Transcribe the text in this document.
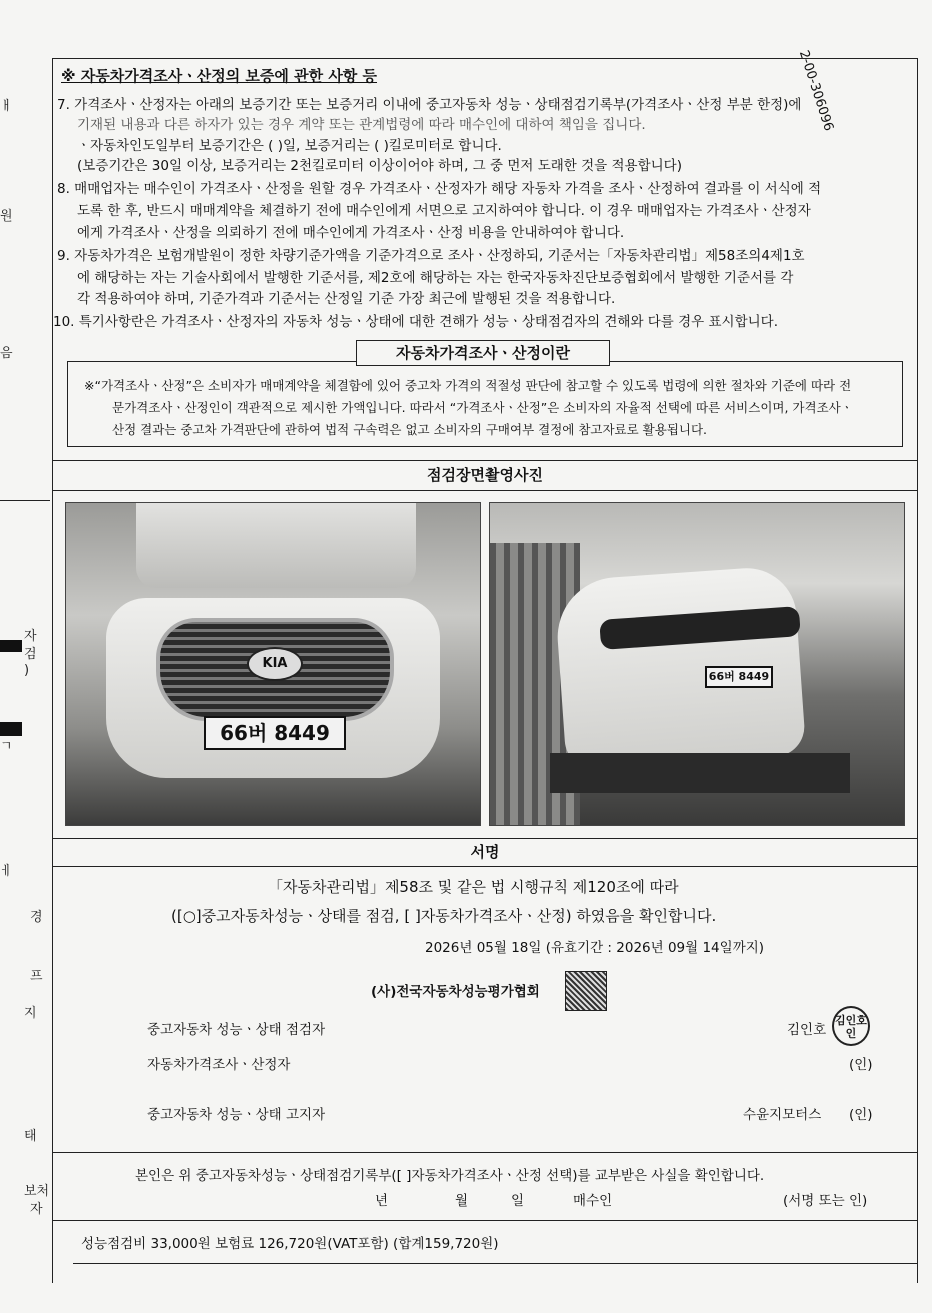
ㅐ
원
음
자
검
)
ㄱ
ㅔ
경
프
지
태
보처
자
2-00-306096
※ 자동차가격조사ㆍ산정의 보증에 관한 사항 등
7. 가격조사ㆍ산정자는 아래의 보증기간 또는 보증거리 이내에 중고자동차 성능ㆍ상태점검기록부(가격조사ㆍ산정 부분 한정)에
기재된 내용과 다른 하자가 있는 경우 계약 또는 관계법령에 따라 매수인에 대하여 책임을 집니다.
ㆍ자동차인도일부터 보증기간은 ( )일, 보증거리는 ( )킬로미터로 합니다.
(보증기간은 30일 이상, 보증거리는 2천킬로미터 이상이어야 하며, 그 중 먼저 도래한 것을 적용합니다)
8. 매매업자는 매수인이 가격조사ㆍ산정을 원할 경우 가격조사ㆍ산정자가 해당 자동차 가격을 조사ㆍ산정하여 결과를 이 서식에 적
도록 한 후, 반드시 매매계약을 체결하기 전에 매수인에게 서면으로 고지하여야 합니다. 이 경우 매매업자는 가격조사ㆍ산정자
에게 가격조사ㆍ산정을 의뢰하기 전에 매수인에게 가격조사ㆍ산정 비용을 안내하여야 합니다.
9. 자동차가격은 보험개발원이 정한 차량기준가액을 기준가격으로 조사ㆍ산정하되, 기준서는「자동차관리법」제58조의4제1호
에 해당하는 자는 기술사회에서 발행한 기준서를, 제2호에 해당하는 자는 한국자동차진단보증협회에서 발행한 기준서를 각
각 적용하여야 하며, 기준가격과 기준서는 산정일 기준 가장 최근에 발행된 것을 적용합니다.
10. 특기사항란은 가격조사ㆍ산정자의 자동차 성능ㆍ상태에 대한 견해가 성능ㆍ상태점검자의 견해와 다를 경우 표시합니다.
※“가격조사ㆍ산정”은 소비자가 매매계약을 체결함에 있어 중고차 가격의 적절성 판단에 참고할 수 있도록 법령에 의한 절차와 기준에 따라 전
문가격조사ㆍ산정인이 객관적으로 제시한 가액입니다. 따라서 “가격조사ㆍ산정”은 소비자의 자율적 선택에 따른 서비스이며, 가격조사ㆍ
산정 결과는 중고차 가격판단에 관하여 법적 구속력은 없고 소비자의 구매여부 결정에 참고자료로 활용됩니다.
자동차가격조사ㆍ산정이란
점검장면촬영사진
KIA
66버 8449
66버 8449
서명
「자동차관리법」제58조 및 같은 법 시행규칙 제120조에 따라
([○]중고자동차성능ㆍ상태를 점검, [ ]자동차가격조사ㆍ산정) 하였음을 확인합니다.
2026년 05월 18일 (유효기간 : 2026년 09월 14일까지)
(사)전국자동차성능평가협회
중고자동차 성능ㆍ상태 점검자	김인호
김인호인
자동차가격조사ㆍ산정자	(인)
중고자동차 성능ㆍ상태 고지자	수윤지모터스 (인)
본인은 위 중고자동차성능ㆍ상태점검기록부([ ]자동차가격조사ㆍ산정 선택)를 교부받은 사실을 확인합니다.
년	월	일	매수인	(서명 또는 인)
성능점검비 33,000원 보험료 126,720원(VAT포함) (합계159,720원)
